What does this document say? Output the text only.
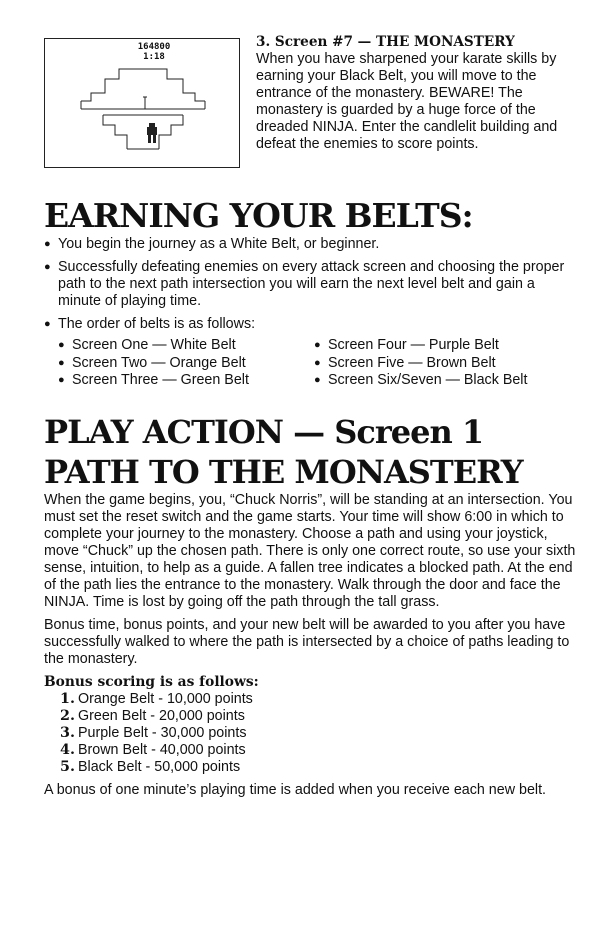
164800
1:18
3. Screen #7 — THE MONASTERY
When you have sharpened your karate skills by earning your Black Belt, you will move to the entrance of the monastery. BEWARE! The monastery is guarded by a huge force of the dreaded NINJA. Enter the candlelit building and defeat the enemies to score points.
EARNING YOUR BELTS:
● You begin the journey as a White Belt, or beginner.
● Successfully defeating enemies on every attack screen and choosing the proper path to the next path intersection you will earn the next level belt and gain a minute of playing time.
● The order of belts is as follows:
● Screen One — White Belt
● Screen Two — Orange Belt
● Screen Three — Green Belt
● Screen Four — Purple Belt
● Screen Five — Brown Belt
● Screen Six/Seven — Black Belt
PLAY ACTION — Screen 1
PATH TO THE MONASTERY

When the game begins, you, “Chuck Norris”, will be standing at an intersection. You must set the reset switch and the game starts. Your time will show 6:00 in which to complete your journey to the monastery. Choose a path and using your joystick, move “Chuck” up the chosen path. There is only one correct route, so use your sixth sense, intuition, to help as a guide. A fallen tree indicates a blocked path. At the end of the path lies the entrance to the monastery. Walk through the door and face the NINJA. Time is lost by going off the path through the tall grass.

Bonus time, bonus points, and your new belt will be awarded to you after you have successfully walked to where the path is intersected by a choice of paths leading to the monastery.

Bonus scoring is as follows:
1. Orange Belt - 10,000 points
2. Green Belt - 20,000 points
3. Purple Belt - 30,000 points
4. Brown Belt - 40,000 points
5. Black Belt - 50,000 points

A bonus of one minute’s playing time is added when you receive each new belt.
